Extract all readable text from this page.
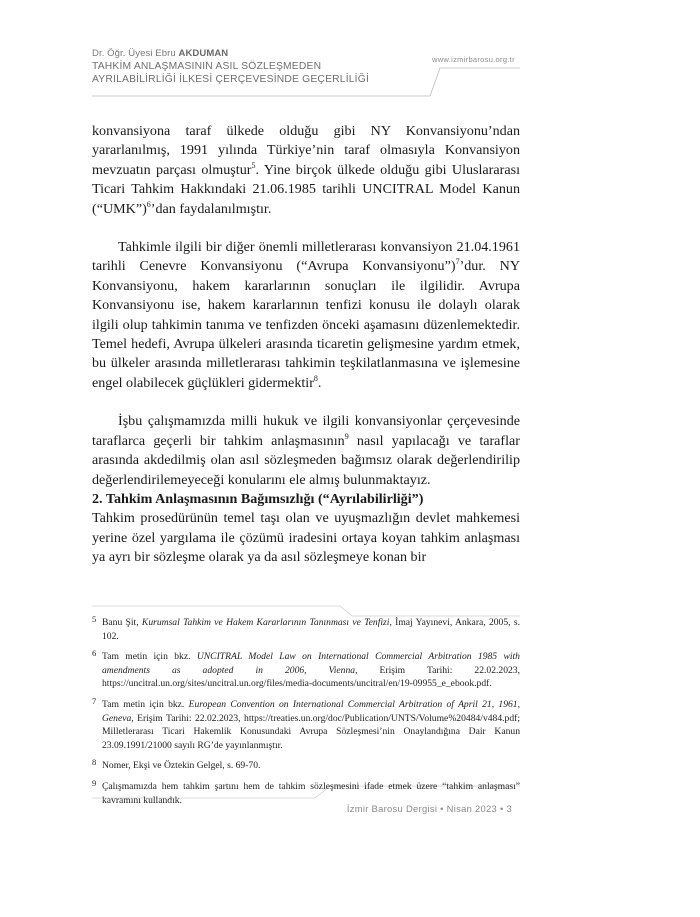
Dr. Öğr. Üyesi Ebru AKDUMAN
TAHKİM ANLAŞMASININ ASIL SÖZLEŞMEDEN
AYRILABİLİRLİĞİ İLKESİ ÇERÇEVESİNDE GEÇERLİLİĞİ
www.izmirbarosu.org.tr

konvansiyona taraf ülkede olduğu gibi NY Konvansiyonu’ndan yararlanılmış, 1991 yılında Türkiye’nin taraf olmasıyla Konvansiyon mevzuatın parçası olmuştur$^5$. Yine birçok ülkede olduğu gibi Uluslararası Ticari Tahkim Hakkındaki 21.06.1985 tarihli UNCITRAL Model Kanun (“UMK”)$^6$’dan faydalanılmıştır.

Tahkimle ilgili bir diğer önemli milletlerarası konvansiyon 21.04.1961 tarihli Cenevre Konvansiyonu (“Avrupa Konvansiyonu”)$^7$’dur. NY Konvansiyonu, hakem kararlarının sonuçları ile ilgilidir. Avrupa Konvansiyonu ise, hakem kararlarının tenfizi konusu ile dolaylı olarak ilgili olup tahkimin tanıma ve tenfizden önceki aşamasını düzenlemektedir. Temel hedefi, Avrupa ülkeleri arasında ticaretin gelişmesine yardım etmek, bu ülkeler arasında milletlerarası tahkimin teşkilatlanmasına ve işlemesine engel olabilecek güçlükleri gidermektir$^8$.

İşbu çalışmamızda milli hukuk ve ilgili konvansiyonlar çerçevesinde taraflarca geçerli bir tahkim anlaşmasının$^9$ nasıl yapılacağı ve taraflar arasında akdedilmiş olan asıl sözleşmeden bağımsız olarak değerlendirilip değerlendirilemeyeceği konularını ele almış bulunmaktayız.

2. Tahkim Anlaşmasının Bağımsızlığı (“Ayrılabilirliği”)

Tahkim prosedürünün temel taşı olan ve uyuşmazlığın devlet mahkemesi yerine özel yargılama ile çözümü iradesini ortaya koyan tahkim anlaşması ya ayrı bir sözleşme olarak ya da asıl sözleşmeye konan bir

5 Banu Şit, Kurumsal Tahkim ve Hakem Kararlarının Tanınması ve Tenfizi, İmaj Yayınevi, Ankara, 2005, s. 102.
6 Tam metin için bkz. UNCITRAL Model Law on International Commercial Arbitration 1985 with amendments as adopted in 2006, Vienna, Erişim Tarihi: 22.02.2023, https://uncitral.un.org/sites/uncitral.un.org/files/media-documents/uncitral/en/19-09955_e_ebook.pdf.
7 Tam metin için bkz. European Convention on International Commercial Arbitration of April 21, 1961, Geneva, Erişim Tarihi: 22.02.2023, https://treaties.un.org/doc/Publication/UNTS/Volume%20484/v484.pdf; Milletlerarası Ticari Hakemlik Konusundaki Avrupa Sözleşmesi’nin Onaylandığına Dair Kanun 23.09.1991/21000 sayılı RG’de yayınlanmıştır.
8 Nomer, Ekşi ve Öztekin Gelgel, s. 69-70.
9 Çalışmamızda hem tahkim şartını hem de tahkim sözleşmesini ifade etmek üzere “tahkim anlaşması” kavramını kullandık.
İzmir Barosu Dergisi • Nisan 2023 • 3
